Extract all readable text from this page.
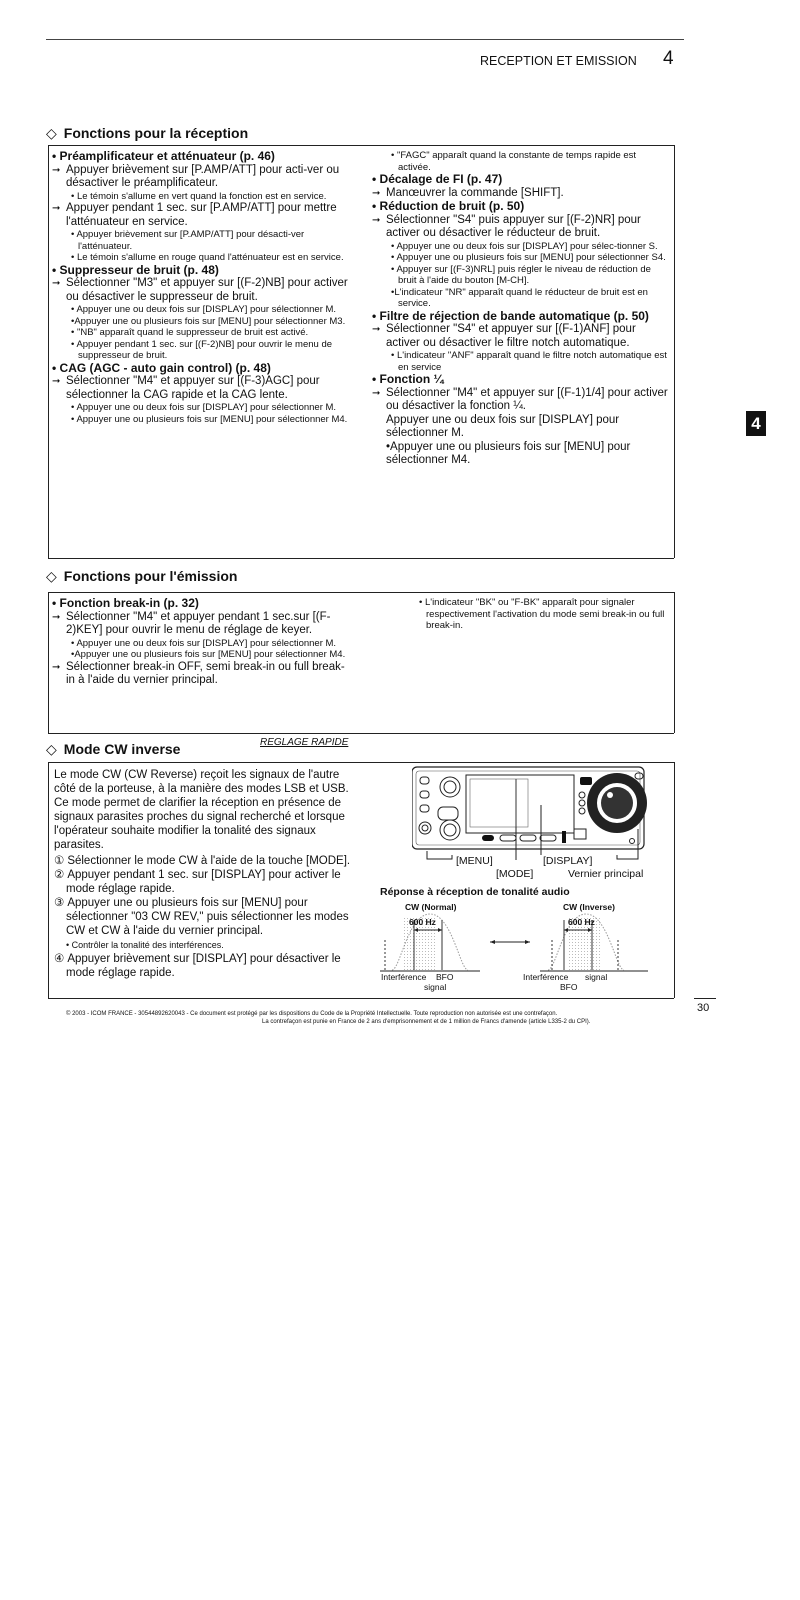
RECEPTION ET EMISSION 4
4
◇ Fonctions pour la réception
• Préamplificateur et atténuateur (p. 46)
➞ Appuyer brièvement sur [P.AMP/ATT] pour acti-ver ou désactiver le préamplificateur.
• Le témoin s'allume en vert quand la fonction est en service.
➞ Appuyer pendant 1 sec. sur [P.AMP/ATT] pour mettre l'atténuateur en service.
• Appuyer brièvement sur [P.AMP/ATT] pour désacti-ver l'atténuateur.
• Le témoin s'allume en rouge quand l'atténuateur est en service.
• Suppresseur de bruit (p. 48)
➞ Sélectionner "M3" et appuyer sur [(F-2)NB] pour activer ou désactiver le suppresseur de bruit.
• Appuyer une ou deux fois sur [DISPLAY] pour sélectionner M.
•Appuyer une ou plusieurs fois sur [MENU] pour sélectionner M3.
• "NB" apparaît quand le suppresseur de bruit est activé.
• Appuyer pendant 1 sec. sur [(F-2)NB] pour ouvrir le menu de suppresseur de bruit.
• CAG (AGC - auto gain control) (p. 48)
➞ Sélectionner "M4" et appuyer sur [(F-3)AGC] pour sélectionner la CAG rapide et la CAG lente.
• Appuyer une ou deux fois sur [DISPLAY] pour sélectionner M.
• Appuyer une ou plusieurs fois sur [MENU] pour sélectionner M4.
• "FAGC" apparaît quand la constante de temps rapide est activée.
• Décalage de FI (p. 47)
➞ Manœuvrer la commande [SHIFT].
• Réduction de bruit (p. 50)
➞ Sélectionner "S4" puis appuyer sur [(F-2)NR] pour activer ou désactiver le réducteur de bruit.
• Appuyer une ou deux fois sur [DISPLAY] pour sélec-tionner S.
• Appuyer une ou plusieurs fois sur [MENU] pour sélectionner S4.
• Appuyer sur [(F-3)NRL] puis régler le niveau de réduction de bruit à l'aide du bouton [M-CH].
•L'indicateur "NR" apparaît quand le réducteur de bruit est en service.
• Filtre de réjection de bande automatique (p. 50)
➞ Sélectionner "S4" et appuyer sur [(F-1)ANF] pour activer ou désactiver le filtre notch automatique.
• L'indicateur "ANF" apparaît quand le filtre notch automatique est en service
• Fonction ¼
➞ Sélectionner "M4" et appuyer sur [(F-1)1/4] pour activer ou désactiver la fonction ¼.
Appuyer une ou deux fois sur [DISPLAY] pour sélectionner M.
•Appuyer une ou plusieurs fois sur [MENU] pour sélectionner M4.
◇ Fonctions pour l'émission
• Fonction break-in (p. 32)
➞ Sélectionner "M4" et appuyer pendant 1 sec.sur [(F-2)KEY] pour ouvrir le menu de réglage de keyer.
• Appuyer une ou deux fois sur [DISPLAY] pour sélectionner M.
•Appuyer une ou plusieurs fois sur [MENU] pour sélectionner M4.
➞ Sélectionner break-in OFF, semi break-in ou full break-in à l'aide du vernier principal.
• L'indicateur "BK" ou "F-BK" apparaît pour signaler respectivement l'activation du mode semi break-in ou full break-in.
◇ Mode CW inverse	REGLAGE RAPIDE
Le mode CW (CW Reverse) reçoit les signaux de l'autre côté de la porteuse, à la manière des modes LSB et USB. Ce mode permet de clarifier la réception en présence de signaux parasites proches du signal recherché et lorsque l'opérateur souhaite modifier la tonalité des signaux parasites.
① Sélectionner le mode CW à l'aide de la touche [MODE].
② Appuyer pendant 1 sec. sur [DISPLAY] pour activer le mode réglage rapide.
③ Appuyer une ou plusieurs fois sur [MENU] pour sélectionner "03 CW REV," puis sélectionner les modes CW et CW à l'aide du vernier principal.
• Contrôler la tonalité des interférences.
④ Appuyer brièvement sur [DISPLAY] pour désactiver le mode réglage rapide.
[MENU]	[DISPLAY]
[MODE]	Vernier principal
Réponse à réception de tonalité audio
CW (Normal)	CW (Inverse)
600 Hz	600 Hz
Interférence BFO
signal
Interférence signal
BFO
30
© 2003 - ICOM FRANCE - 30544892620043 - Ce document est protégé par les dispositions du Code de la Propriété Intellectuelle. Toute reproduction non autorisée est une contrefaçon.
La contrefaçon est punie en France de 2 ans d'emprisonnement et de 1 million de Francs d'amende (article L335-2 du CPI).
